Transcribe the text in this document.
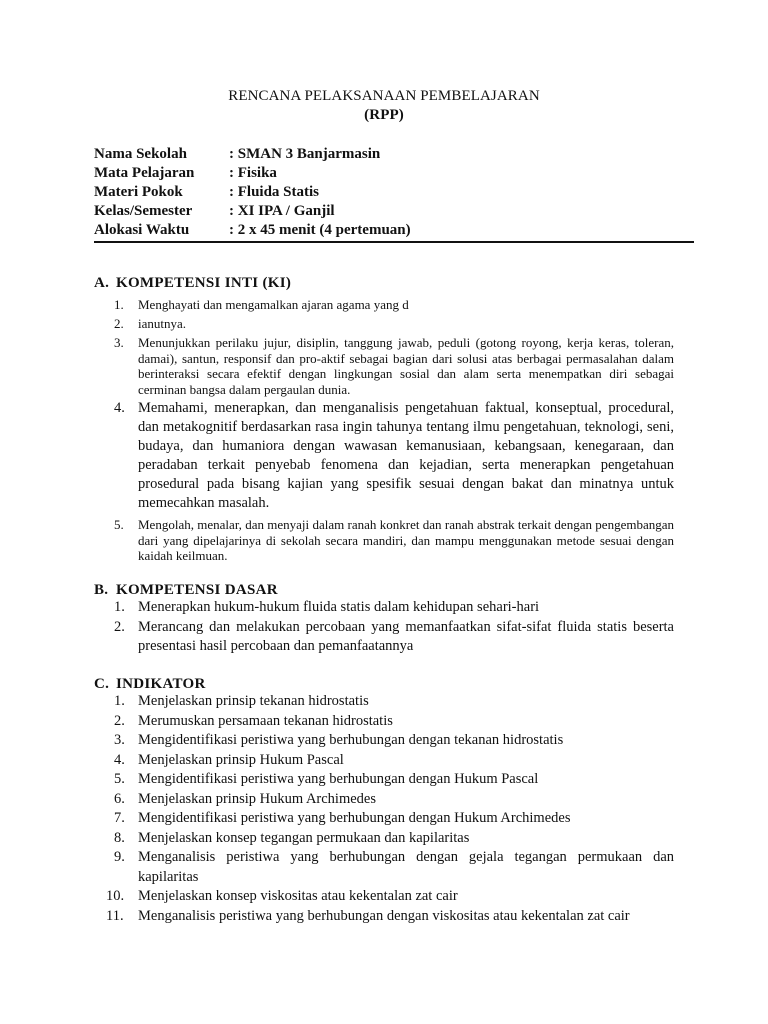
RENCANA PELAKSANAAN PEMBELAJARAN
(RPP)
Nama Sekolah	: SMAN 3 Banjarmasin
Mata Pelajaran : Fisika
Materi Pokok	: Fluida Statis
Kelas/Semester : XI IPA / Ganjil
Alokasi Waktu	: 2 x 45 menit (4 pertemuan)
A. KOMPETENSI INTI (KI)
1. Menghayati dan mengamalkan ajaran agama yang d
2. ianutnya.
3. Menunjukkan perilaku jujur, disiplin, tanggung jawab, peduli (gotong royong, kerja keras, toleran, damai), santun, responsif dan pro-aktif sebagai bagian dari solusi atas berbagai permasalahan dalam berinteraksi secara efektif dengan lingkungan sosial dan alam serta menempatkan diri sebagai cerminan bangsa dalam pergaulan dunia.
4. Memahami, menerapkan, dan menganalisis pengetahuan faktual, konseptual, procedural, dan metakognitif berdasarkan rasa ingin tahunya tentang ilmu pengetahuan, teknologi, seni, budaya, dan humaniora dengan wawasan kemanusiaan, kebangsaan, kenegaraan, dan peradaban terkait penyebab fenomena dan kejadian, serta menerapkan pengetahuan prosedural pada bisang kajian yang spesifik sesuai dengan bakat dan minatnya untuk memecahkan masalah.
5. Mengolah, menalar, dan menyaji dalam ranah konkret dan ranah abstrak terkait dengan pengembangan dari yang dipelajarinya di sekolah secara mandiri, dan mampu menggunakan metode sesuai dengan kaidah keilmuan.
B. KOMPETENSI DASAR
1. Menerapkan hukum-hukum fluida statis dalam kehidupan sehari-hari
2. Merancang dan melakukan percobaan yang memanfaatkan sifat-sifat fluida statis beserta presentasi hasil percobaan dan pemanfaatannya
C. INDIKATOR
1. Menjelaskan prinsip tekanan hidrostatis
2. Merumuskan persamaan tekanan hidrostatis
3. Mengidentifikasi peristiwa yang berhubungan dengan tekanan hidrostatis
4. Menjelaskan prinsip Hukum Pascal
5. Mengidentifikasi peristiwa yang berhubungan dengan Hukum Pascal
6. Menjelaskan prinsip Hukum Archimedes
7. Mengidentifikasi peristiwa yang berhubungan dengan Hukum Archimedes
8. Menjelaskan konsep tegangan permukaan dan kapilaritas
9. Menganalisis peristiwa yang berhubungan dengan gejala tegangan permukaan dan kapilaritas
10. Menjelaskan konsep viskositas atau kekentalan zat cair
11. Menganalisis peristiwa yang berhubungan dengan viskositas atau kekentalan zat cair
